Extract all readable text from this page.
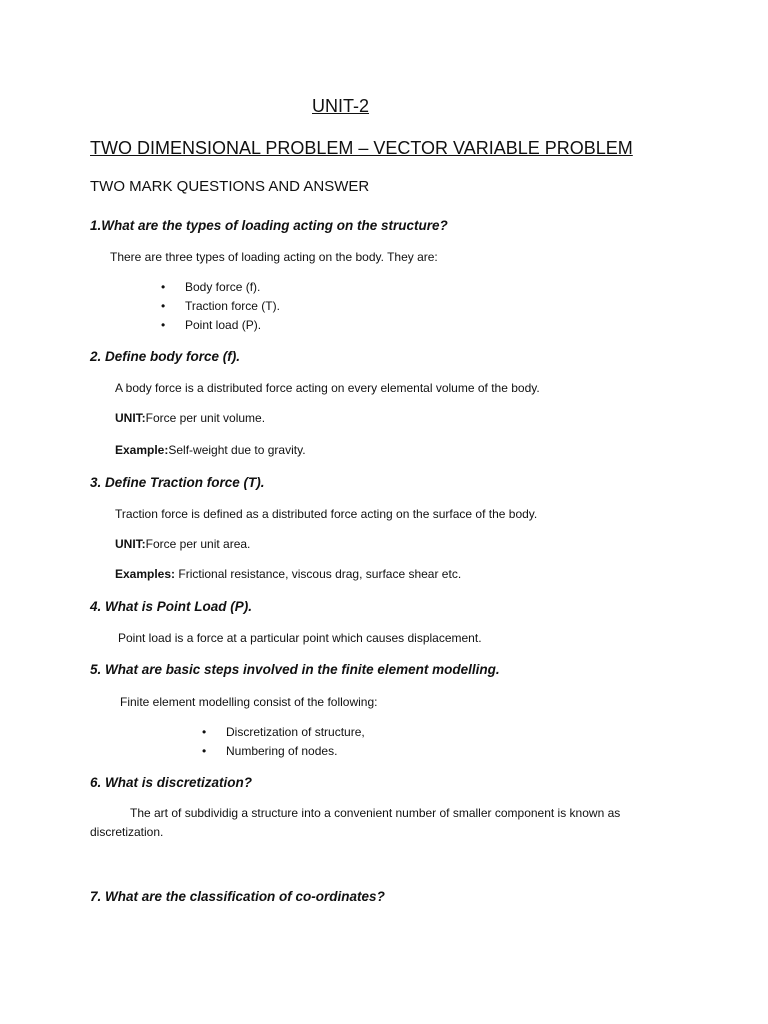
UNIT-2
TWO DIMENSIONAL PROBLEM – VECTOR VARIABLE PROBLEM
TWO MARK QUESTIONS AND ANSWER
1.What are the types of loading acting on the structure?
There are three types of loading acting on the body. They are:
• Body force (f).
• Traction force (T).
• Point load (P).
2. Define body force (f).
A body force is a distributed force acting on every elemental volume of the body.
UNIT:Force per unit volume.
Example:Self-weight due to gravity.
3. Define Traction force (T).
Traction force is defined as a distributed force acting on the surface of the body.
UNIT:Force per unit area.
Examples: Frictional resistance, viscous drag, surface shear etc.
4. What is Point Load (P).
Point load is a force at a particular point which causes displacement.
5. What are basic steps involved in the finite element modelling.
Finite element modelling consist of the following:
• Discretization of structure,
• Numbering of nodes.
6. What is discretization?
The art of subdividig a structure into a convenient number of smaller component is known as
discretization.
7. What are the classification of co-ordinates?
